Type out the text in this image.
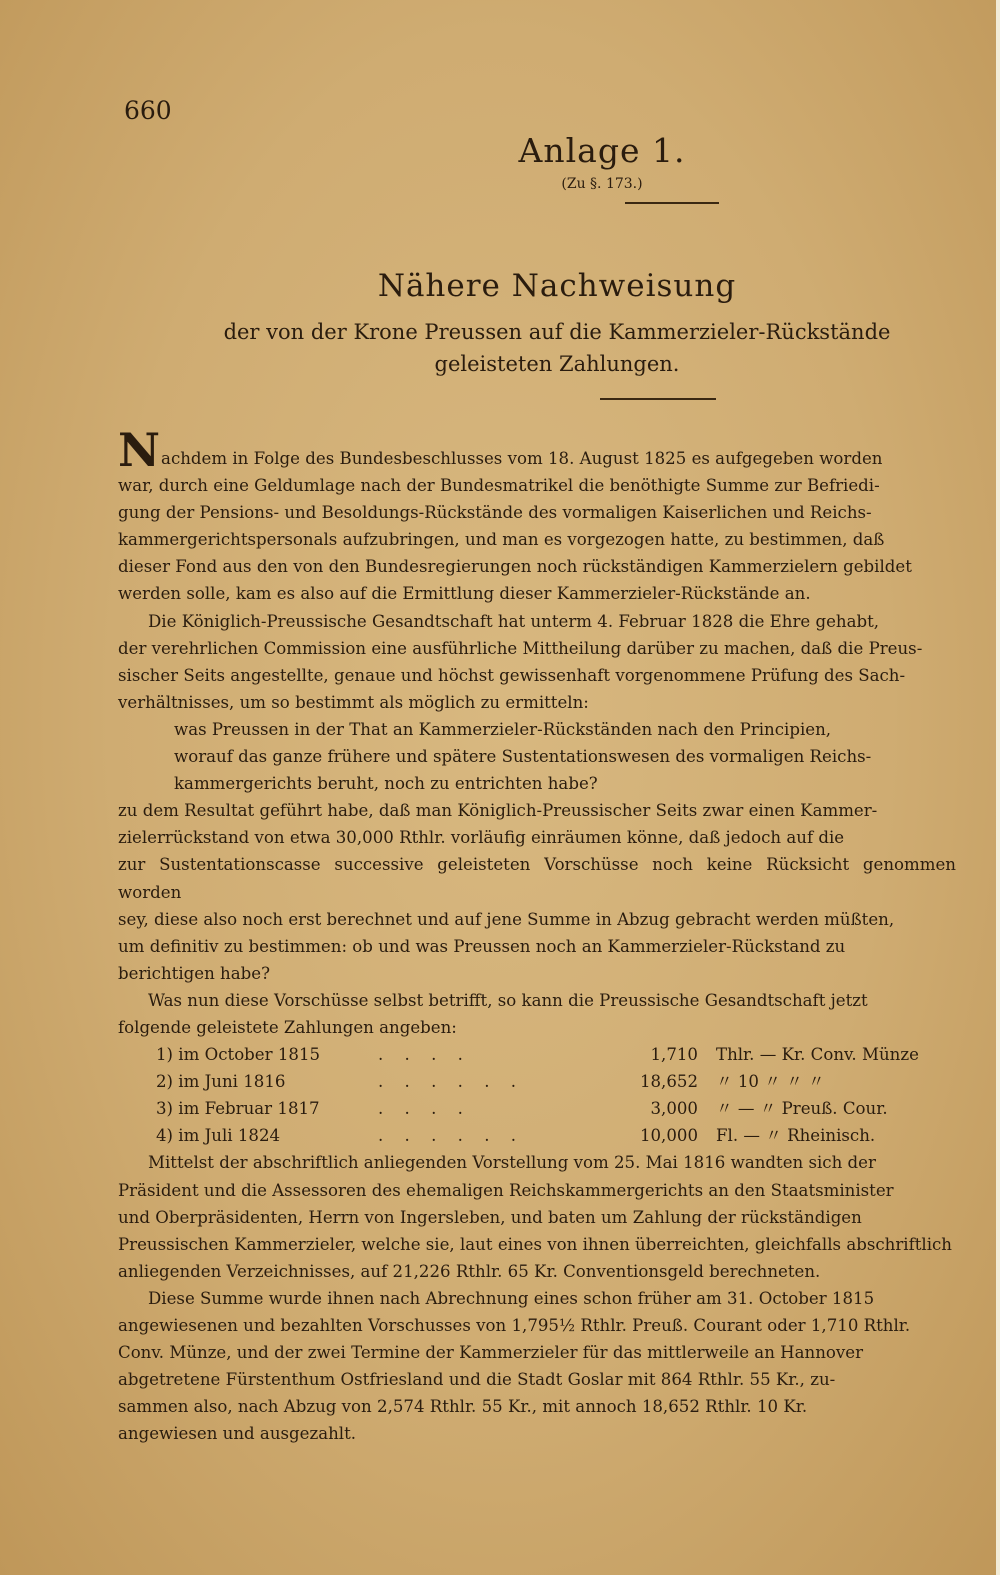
660
Anlage 1.
(Zu §. 173.)
Nähere Nachweisung
der von der Krone Preussen auf die Kammerzieler-Rückstände
geleisteten Zahlungen.

Nachdem in Folge des Bundesbeschlusses vom 18. August 1825 es aufgegeben worden
war, durch eine Geldumlage nach der Bundesmatrikel die benöthigte Summe zur Befriedi-
gung der Pensions- und Besoldungs-Rückstände des vormaligen Kaiserlichen und Reichs-
kammergerichtspersonals aufzubringen, und man es vorgezogen hatte, zu bestimmen, daß
dieser Fond aus den von den Bundesregierungen noch rückständigen Kammerzielern gebildet
werden solle, kam es also auf die Ermittlung dieser Kammerzieler-Rückstände an.

Die Königlich-Preussische Gesandtschaft hat unterm 4. Februar 1828 die Ehre gehabt,
der verehrlichen Commission eine ausführliche Mittheilung darüber zu machen, daß die Preus-
sischer Seits angestellte, genaue und höchst gewissenhaft vorgenommene Prüfung des Sach-
verhältnisses, um so bestimmt als möglich zu ermitteln:

was Preussen in der That an Kammerzieler-Rückständen nach den Principien,
worauf das ganze frühere und spätere Sustentationswesen des vormaligen Reichs-
kammergerichts beruht, noch zu entrichten habe?

zu dem Resultat geführt habe, daß man Königlich-Preussischer Seits zwar einen Kammer-
zielerrückstand von etwa 30,000 Rthlr. vorläufig einräumen könne, daß jedoch auf die
zur Sustentationscasse successive geleisteten Vorschüsse noch keine Rücksicht genommen worden
sey, diese also noch erst berechnet und auf jene Summe in Abzug gebracht werden müßten,
um definitiv zu bestimmen: ob und was Preussen noch an Kammerzieler-Rückstand zu
berichtigen habe?

Was nun diese Vorschüsse selbst betrifft, so kann die Preussische Gesandtschaft jetzt
folgende geleistete Zahlungen angeben:

1) im October 1815	. . . .	1,710	Thlr. — Kr. Conv. Münze
2) im Juni 1816	. . . . . .	18,652	〃 10 〃 〃 〃
3) im Februar 1817	. . . .	3,000	〃 — 〃 Preuß. Cour.
4) im Juli 1824	. . . . . .	10,000	Fl. — 〃 Rheinisch.

Mittelst der abschriftlich anliegenden Vorstellung vom 25. Mai 1816 wandten sich der
Präsident und die Assessoren des ehemaligen Reichskammergerichts an den Staatsminister
und Oberpräsidenten, Herrn von Ingersleben, und baten um Zahlung der rückständigen
Preussischen Kammerzieler, welche sie, laut eines von ihnen überreichten, gleichfalls abschriftlich
anliegenden Verzeichnisses, auf 21,226 Rthlr. 65 Kr. Conventionsgeld berechneten.

Diese Summe wurde ihnen nach Abrechnung eines schon früher am 31. October 1815
angewiesenen und bezahlten Vorschusses von 1,795½ Rthlr. Preuß. Courant oder 1,710 Rthlr.
Conv. Münze, und der zwei Termine der Kammerzieler für das mittlerweile an Hannover
abgetretene Fürstenthum Ostfriesland und die Stadt Goslar mit 864 Rthlr. 55 Kr., zu-
sammen also, nach Abzug von 2,574 Rthlr. 55 Kr., mit annoch 18,652 Rthlr. 10 Kr.
angewiesen und ausgezahlt.
